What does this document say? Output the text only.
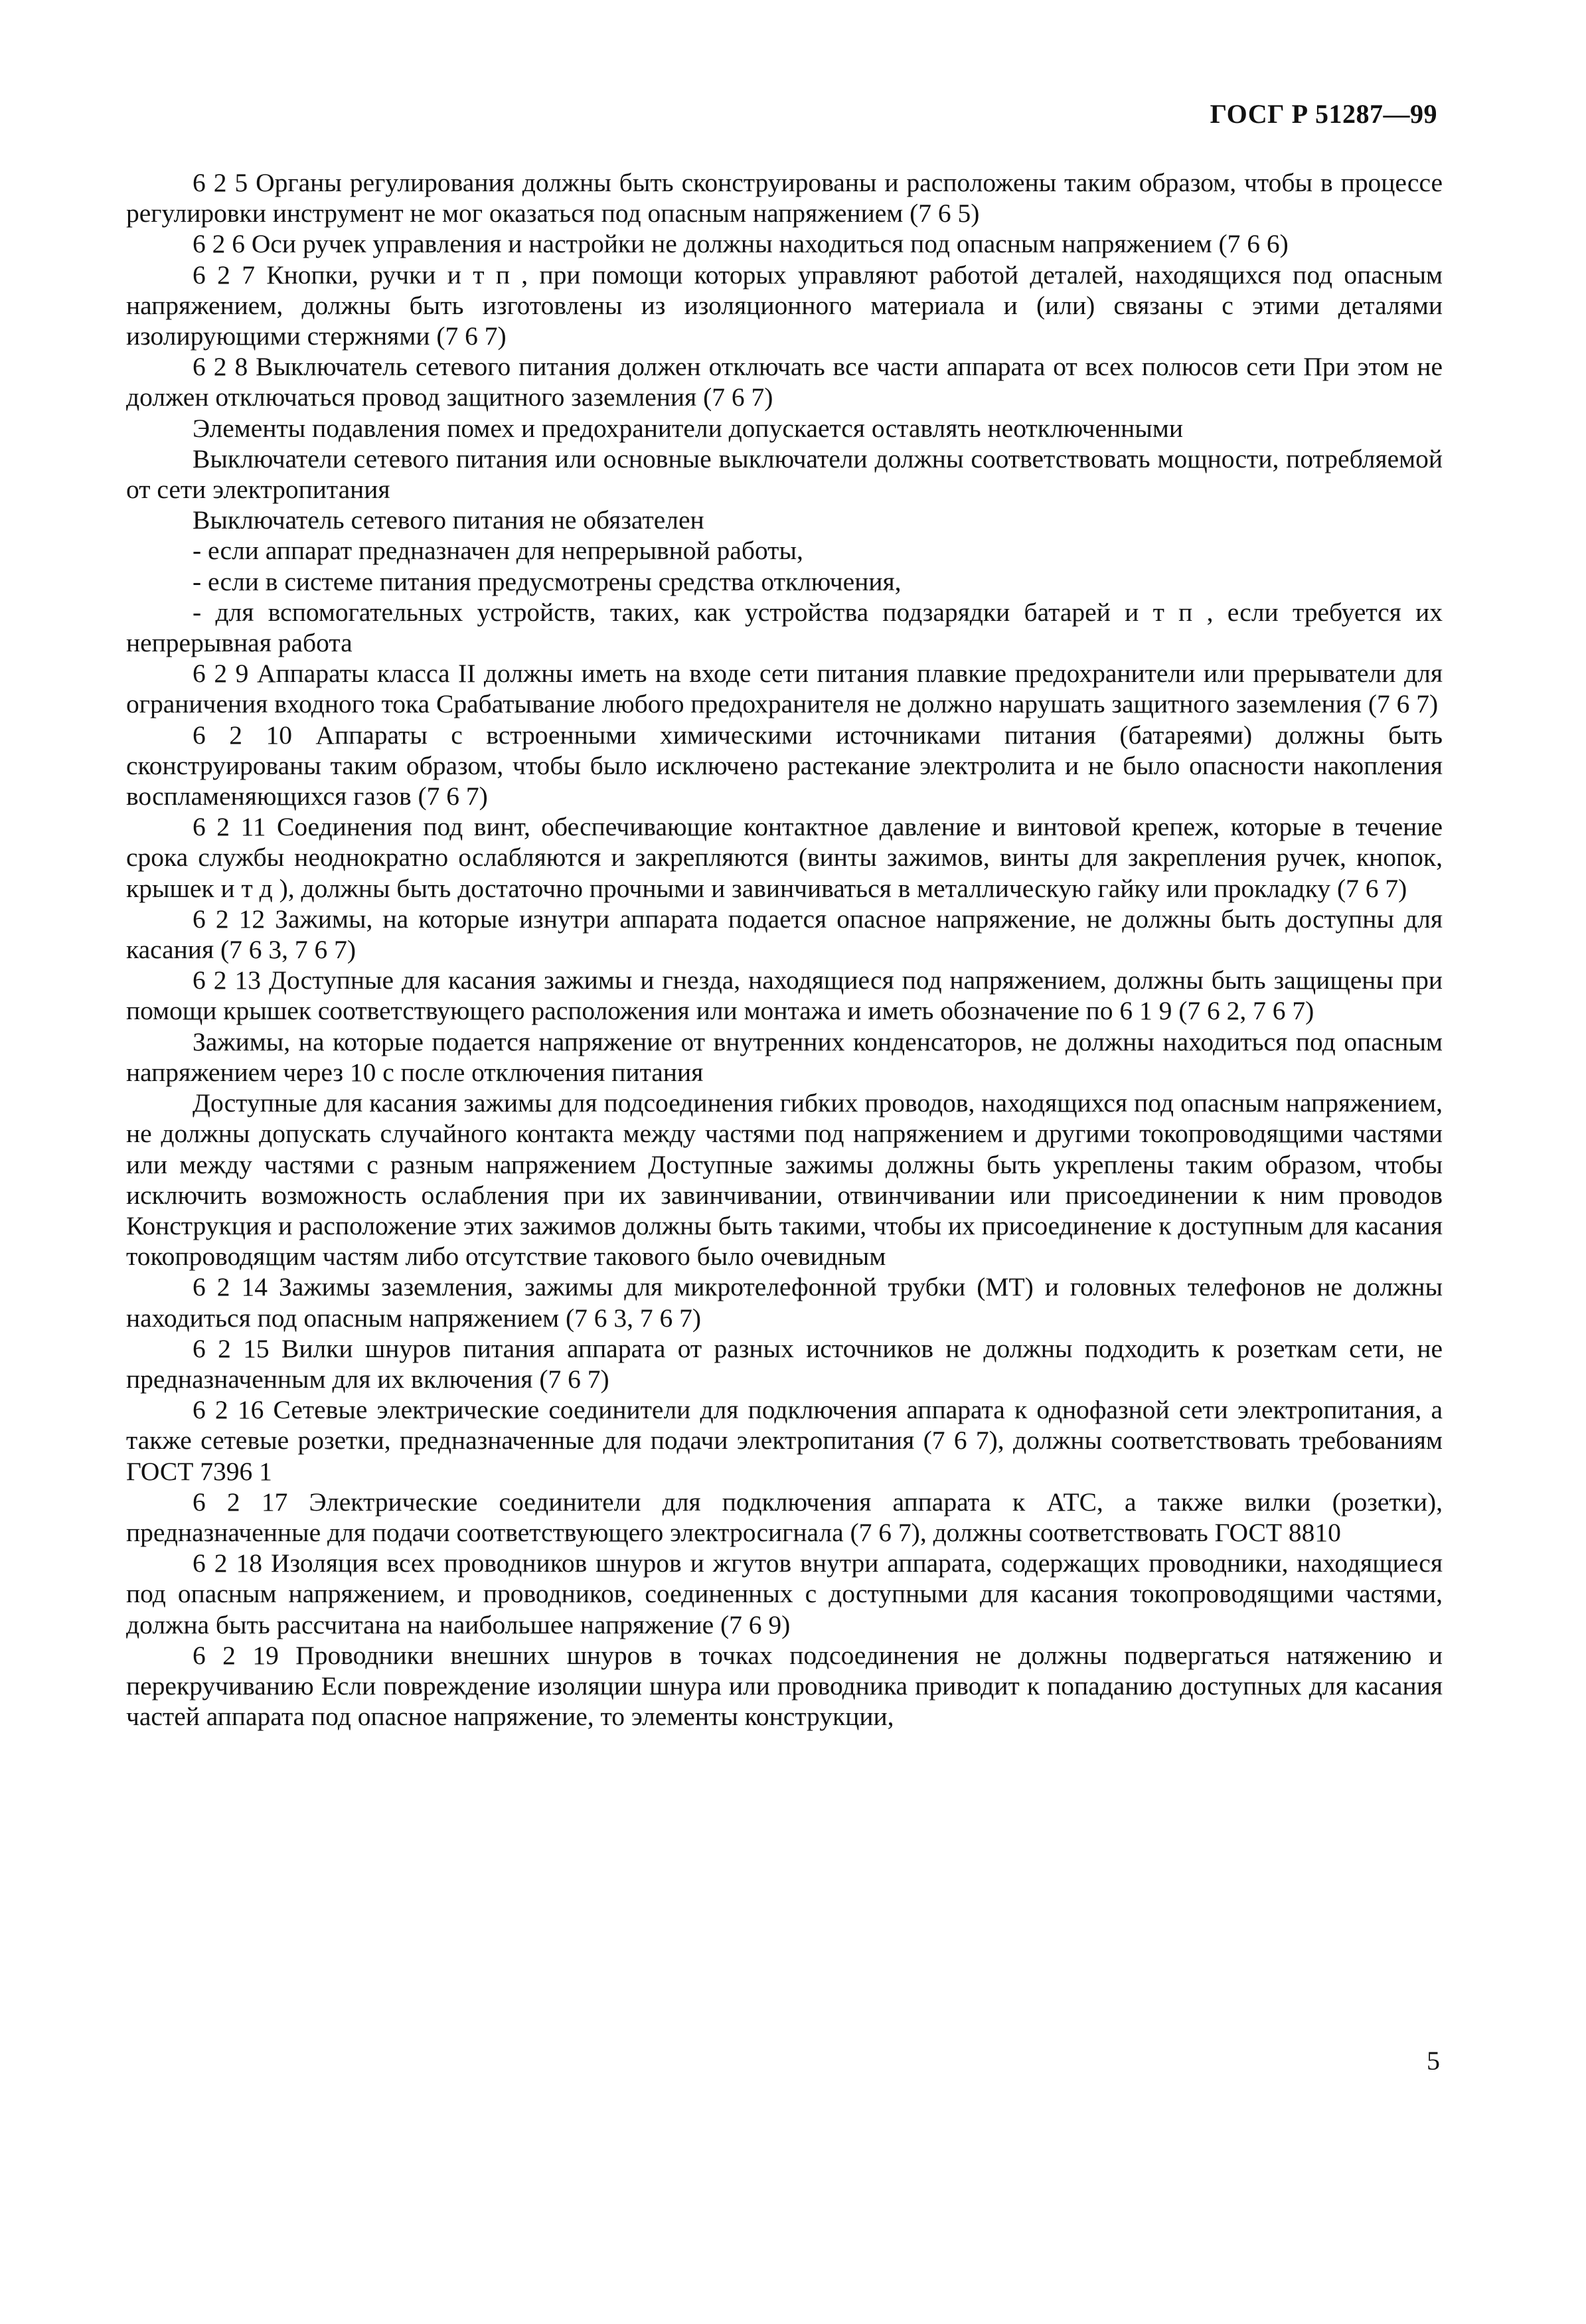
ГОСГ Р 51287—99

6 2 5 Органы регулирования должны быть сконструированы и расположены таким образом, чтобы в процессе регулировки инструмент не мог оказаться под опасным напряжением (7 6 5)

6 2 6 Оси ручек управления и настройки не должны находиться под опасным напряжением (7 6 6)

6 2 7 Кнопки, ручки и т п , при помощи которых управляют работой деталей, находящихся под опасным напряжением, должны быть изготовлены из изоляционного материала и (или) связаны с этими деталями изолирующими стержнями (7 6 7)

6 2 8 Выключатель сетевого питания должен отключать все части аппарата от всех полюсов сети При этом не должен отключаться провод защитного заземления (7 6 7)

Элементы подавления помех и предохранители допускается оставлять неотключенными

Выключатели сетевого питания или основные выключатели должны соответствовать мощности, потребляемой от сети электропитания

Выключатель сетевого питания не обязателен

- если аппарат предназначен для непрерывной работы,

- если в системе питания предусмотрены средства отключения,

- для вспомогательных устройств, таких, как устройства подзарядки батарей и т п , если требуется их непрерывная работа

6 2 9 Аппараты класса II должны иметь на входе сети питания плавкие предохранители или прерыватели для ограничения входного тока Срабатывание любого предохранителя не должно нарушать защитного заземления (7 6 7)

6 2 10 Аппараты с встроенными химическими источниками питания (батареями) должны быть сконструированы таким образом, чтобы было исключено растекание электролита и не было опасности накопления воспламеняющихся газов (7 6 7)

6 2 11 Соединения под винт, обеспечивающие контактное давление и винтовой крепеж, которые в течение срока службы неоднократно ослабляются и закрепляются (винты зажимов, винты для закрепления ручек, кнопок, крышек и т д ), должны быть достаточно прочными и завинчиваться в металлическую гайку или прокладку (7 6 7)

6 2 12 Зажимы, на которые изнутри аппарата подается опасное напряжение, не должны быть доступны для касания (7 6 3, 7 6 7)

6 2 13 Доступные для касания зажимы и гнезда, находящиеся под напряжением, должны быть защищены при помощи крышек соответствующего расположения или монтажа и иметь обозначение по 6 1 9 (7 6 2, 7 6 7)

Зажимы, на которые подается напряжение от внутренних конденсаторов, не должны находиться под опасным напряжением через 10 с после отключения питания

Доступные для касания зажимы для подсоединения гибких проводов, находящихся под опасным напряжением, не должны допускать случайного контакта между частями под напряжением и другими токопроводящими частями или между частями с разным напряжением Доступные зажимы должны быть укреплены таким образом, чтобы исключить возможность ослабления при их завинчивании, отвинчивании или присоединении к ним проводов Конструкция и расположение этих зажимов должны быть такими, чтобы их присоединение к доступным для касания токопроводящим частям либо отсутствие такового было очевидным

6 2 14 Зажимы заземления, зажимы для микротелефонной трубки (МТ) и головных телефонов не должны находиться под опасным напряжением (7 6 3, 7 6 7)

6 2 15 Вилки шнуров питания аппарата от разных источников не должны подходить к розеткам сети, не предназначенным для их включения (7 6 7)

6 2 16 Сетевые электрические соединители для подключения аппарата к однофазной сети электропитания, а также сетевые розетки, предназначенные для подачи электропитания (7 6 7), должны соответствовать требованиям ГОСТ 7396 1

6 2 17 Электрические соединители для подключения аппарата к АТС, а также вилки (розетки), предназначенные для подачи соответствующего электросигнала (7 6 7), должны соответствовать ГОСТ 8810

6 2 18 Изоляция всех проводников шнуров и жгутов внутри аппарата, содержащих проводники, находящиеся под опасным напряжением, и проводников, соединенных с доступными для касания токопроводящими частями, должна быть рассчитана на наибольшее напряжение (7 6 9)

6 2 19 Проводники внешних шнуров в точках подсоединения не должны подвергаться натяжению и перекручиванию Если повреждение изоляции шнура или проводника приводит к попаданию доступных для касания частей аппарата под опасное напряжение, то элементы конструкции,

5
